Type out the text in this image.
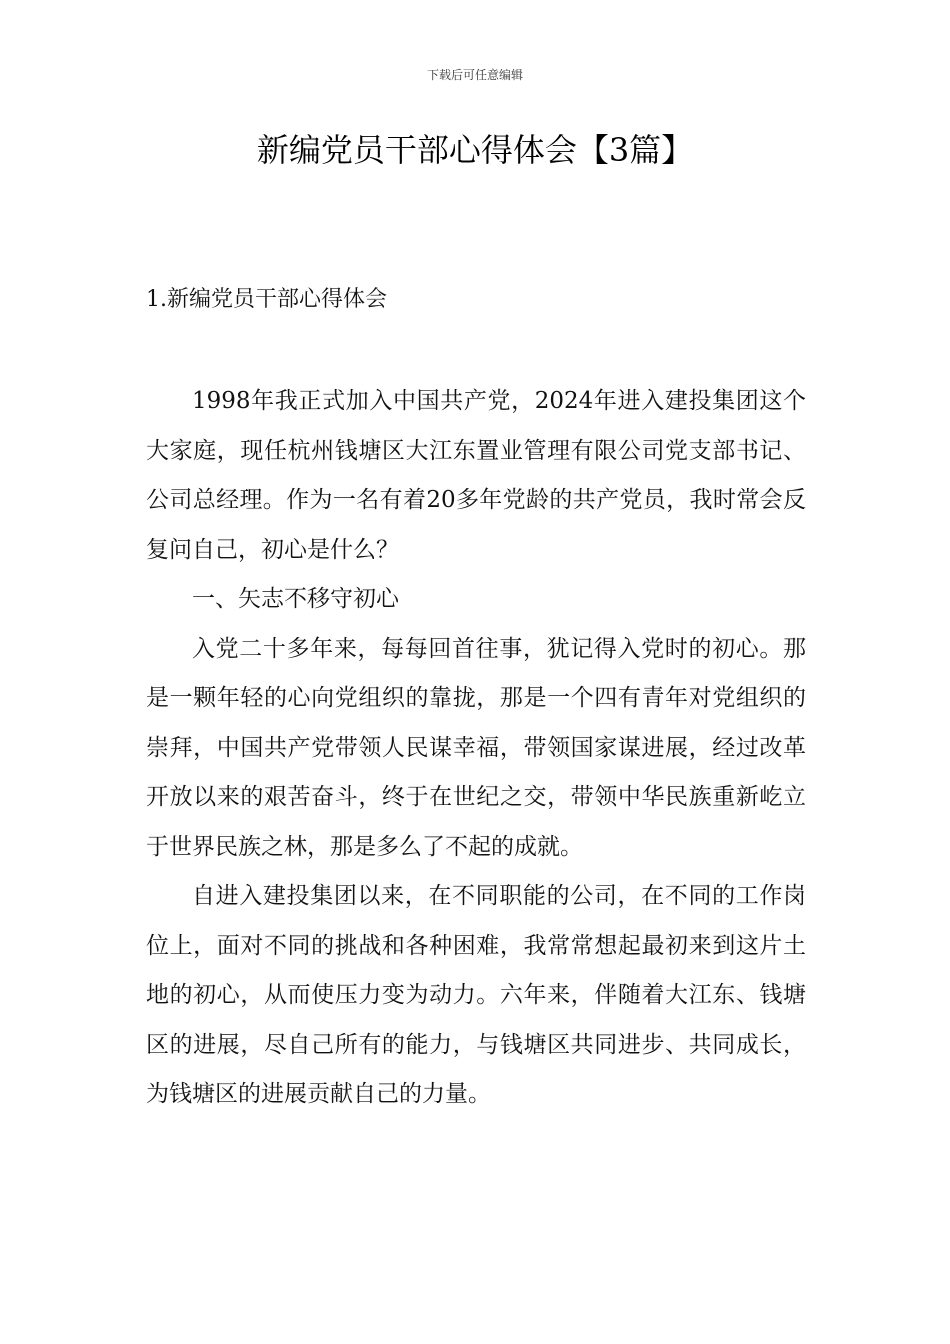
下载后可任意编辑
新编党员干部心得体会【3篇】
1.新编党员干部心得体会

1998年我正式加入中国共产党，2024年进入建投集团这个大家庭，现任杭州钱塘区大江东置业管理有限公司党支部书记、公司总经理。作为一名有着20多年党龄的共产党员，我时常会反复问自己，初心是什么？

一、矢志不移守初心

入党二十多年来，每每回首往事，犹记得入党时的初心。那是一颗年轻的心向党组织的靠拢，那是一个四有青年对党组织的崇拜，中国共产党带领人民谋幸福，带领国家谋进展，经过改革开放以来的艰苦奋斗，终于在世纪之交，带领中华民族重新屹立于世界民族之林，那是多么了不起的成就。

自进入建投集团以来，在不同职能的公司，在不同的工作岗位上，面对不同的挑战和各种困难，我常常想起最初来到这片土地的初心，从而使压力变为动力。六年来，伴随着大江东、钱塘区的进展，尽自己所有的能力，与钱塘区共同进步、共同成长，为钱塘区的进展贡献自己的力量。
